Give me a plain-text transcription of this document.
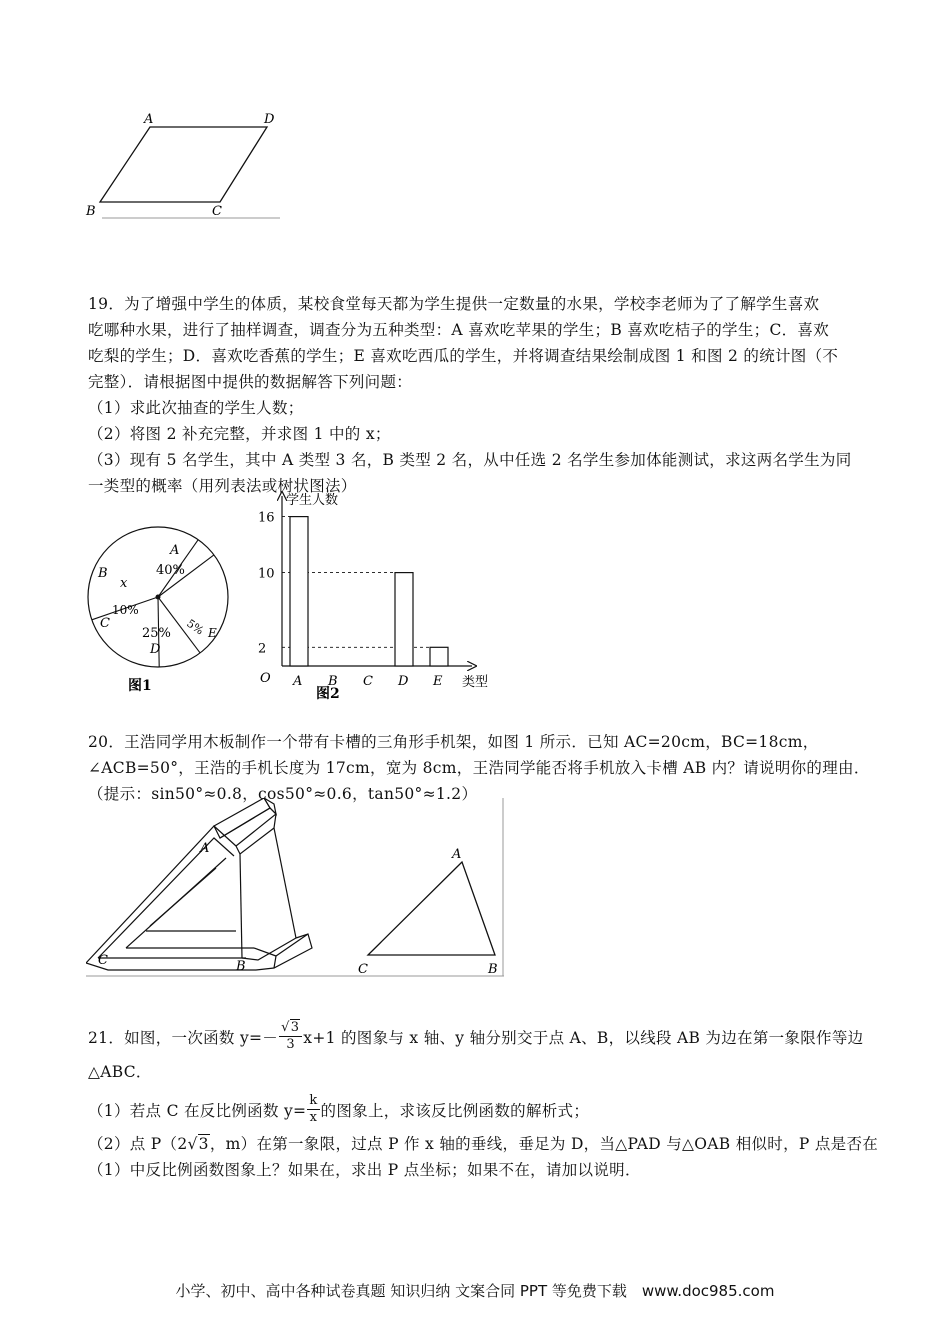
A	D
B	C
19．为了增强中学生的体质，某校食堂每天都为学生提供一定数量的水果，学校李老师为了了解学生喜欢
吃哪种水果，进行了抽样调查，调查分为五种类型：A 喜欢吃苹果的学生；B 喜欢吃桔子的学生；C．喜欢
吃梨的学生；D．喜欢吃香蕉的学生；E 喜欢吃西瓜的学生，并将调查结果绘制成图 1 和图 2 的统计图（不
完整）．请根据图中提供的数据解答下列问题：
（1）求此次抽查的学生人数；
（2）将图 2 补充完整，并求图 1 中的 x；
（3）现有 5 名学生，其中 A 类型 3 名，B 类型 2 名，从中任选 2 名学生参加体能测试，求这两名学生为同
一类型的概率（用列表法或树状图法）
A
40%
B
x
10%
C
25%
D
5% E
图1
学生人数
类型
O
2
10
16
A B C D E
图2
20．王浩同学用木板制作一个带有卡槽的三角形手机架，如图 1 所示．已知 AC=20cm，BC=18cm，
∠ACB=50°，王浩的手机长度为 17cm，宽为 8cm，王浩同学能否将手机放入卡槽 AB 内？请说明你的理由．
（提示：sin50°≈0.8，cos50°≈0.6，tan50°≈1.2）
A
C	B
A
C	B
21．如图，一次函数 $y=- \frac{√3}{3} x+1$ 的图象与 x 轴、y 轴分别交于点 A、B，以线段 AB 为边在第一象限作等边
△ABC．
（1）若点 C 在反比例函数 $y= \frac{k}{x}$ 的图象上，求该反比例函数的解析式；
（2）点 P（2√3，m）在第一象限，过点 P 作 x 轴的垂线，垂足为 D，当△PAD 与△OAB 相似时，P 点是否在
（1）中反比例函数图象上？如果在，求出 P 点坐标；如果不在，请加以说明．
小学、初中、高中各种试卷真题 知识归纳 文案合同 PPT 等免费下载　www.doc985.com
